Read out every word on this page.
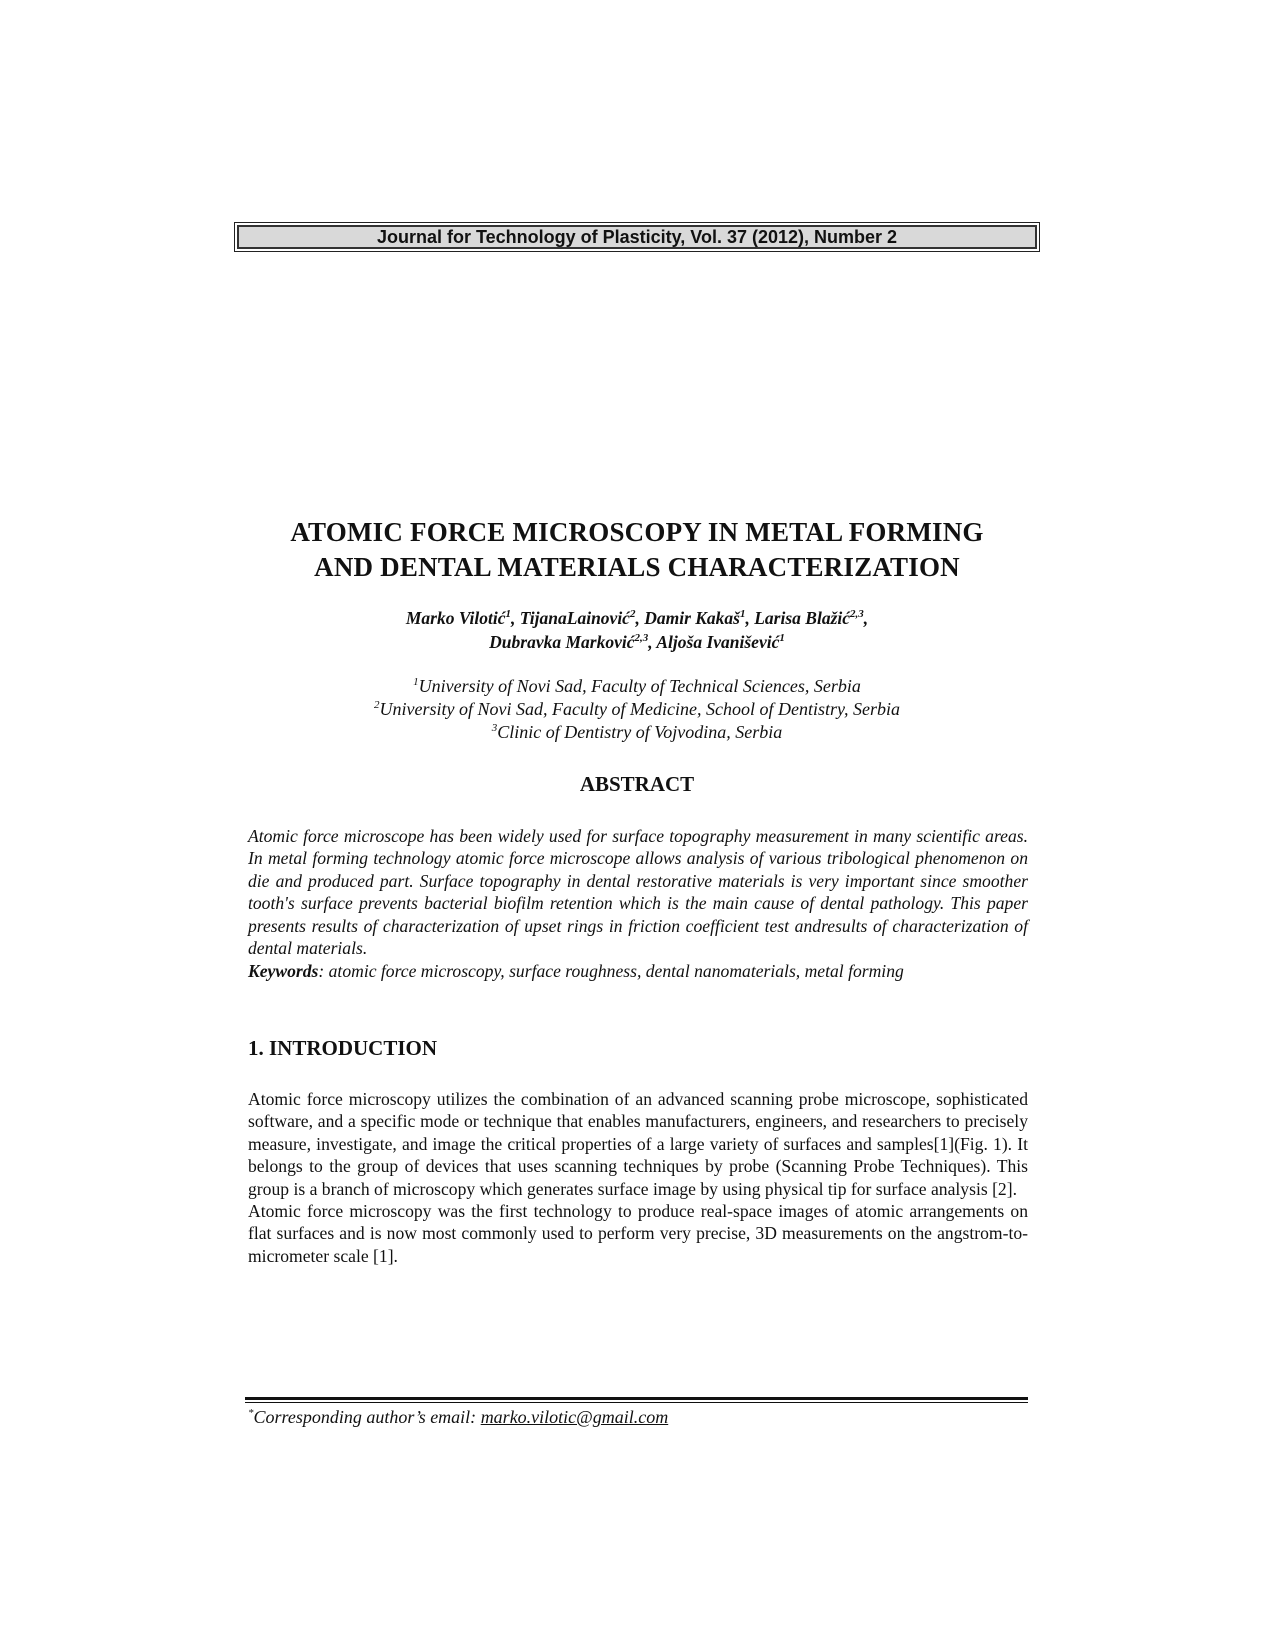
Journal for Technology of Plasticity, Vol. 37 (2012), Number 2
ATOMIC FORCE MICROSCOPY IN METAL FORMING
AND DENTAL MATERIALS CHARACTERIZATION
Marko Vilotić$^1$, TijanaLainović$^2$, Damir Kakaš$^1$, Larisa Blažić$^{2,3}$,
Dubravka Marković$^{2,3}$, Aljoša Ivanišević$^1$
$^1$University of Novi Sad, Faculty of Technical Sciences, Serbia
$^2$University of Novi Sad, Faculty of Medicine, School of Dentistry, Serbia
$^3$Clinic of Dentistry of Vojvodina, Serbia
ABSTRACT
Atomic force microscope has been widely used for surface topography measurement in many scientific areas. In metal forming technology atomic force microscope allows analysis of various tribological phenomenon on die and produced part. Surface topography in dental restorative materials is very important since smoother tooth's surface prevents bacterial biofilm retention which is the main cause of dental pathology. This paper presents results of characterization of upset rings in friction coefficient test andresults of characterization of dental materials.
Keywords: atomic force microscopy, surface roughness, dental nanomaterials, metal forming
1. INTRODUCTION

Atomic force microscopy utilizes the combination of an advanced scanning probe microscope, sophisticated software, and a specific mode or technique that enables manufacturers, engineers, and researchers to precisely measure, investigate, and image the critical properties of a large variety of surfaces and samples[1](Fig. 1). It belongs to the group of devices that uses scanning techniques by probe (Scanning Probe Techniques). This group is a branch of microscopy which generates surface image by using physical tip for surface analysis [2].

Atomic force microscopy was the first technology to produce real-space images of atomic arrangements on flat surfaces and is now most commonly used to perform very precise, 3D measurements on the angstrom-to-micrometer scale [1].

*Corresponding author’s email: marko.vilotic@gmail.com
